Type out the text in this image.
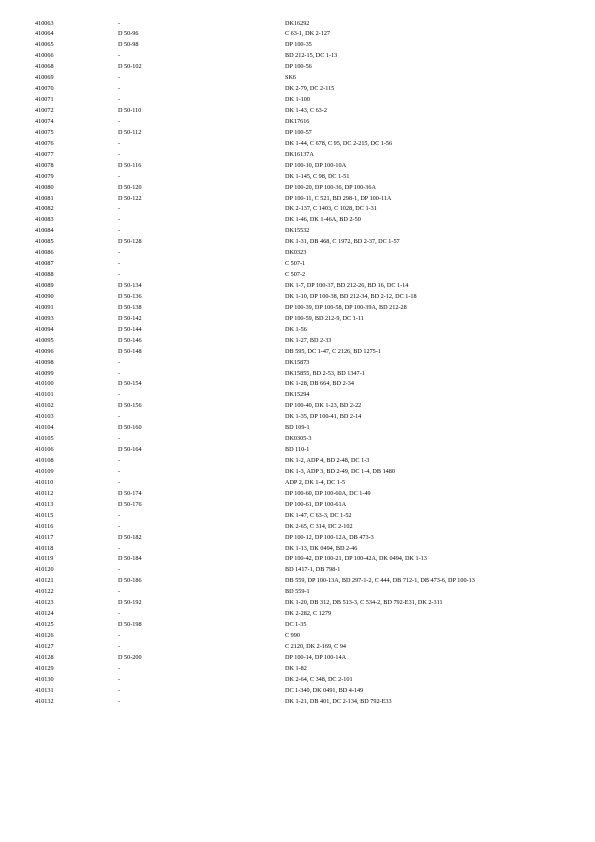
410063	-	DK16292
410064	D 50-96	C 63-1, DK 2-127
410065	D 50-98	DP 100-35
410066	-	BD 212-15, DC 1-13
410068	D 50-102	DP 100-56
410069	-	SK6
410070	-	DK 2-79, DC 2-115
410071	-	DK 1-100
410072	D 50-110	DK 1-43, C 63-2
410074	-	DK17616
410075	D 50-112	DP 100-57
410076	-	DK 1-44, C 678, C 95, DC 2-215, DC 1-56
410077	-	DK16137A
410078	D 50-116	DP 100-10, DP 100-10A
410079	-	DK 1-145, C 98, DC 1-51
410080	D 50-120	DP 100-20, DP 100-36, DP 100-36A
410081	D 50-122	DP 100-11, C 521, BD 298-1, DP 100-11A
410082	-	DK 2-137, C 1403, C 1028, DC 1-31
410083	-	DK 1-46, DK 1-46A, BD 2-50
410084	-	DK15532
410085	D 50-128	DK 1-31, DB 468, C 1972, BD 2-37, DC 1-57
410086	-	DK0323
410087	-	C 507-1
410088	-	C 507-2
410089	D 50-134	DK 1-7, DP 100-37, BD 212-26, BD 16, DC 1-14
410090	D 50-136	DK 1-10, DP 100-38, BD 212-34, BD 2-12, DC 1-18
410091	D 50-138	DP 100-39, DP 100-58, DP 100-39A, BD 212-28
410093	D 50-142	DP 100-59, BD 212-9, DC 1-11
410094	D 50-144	DK 1-56
410095	D 50-146	DK 1-27, BD 2-33
410096	D 50-148	DB 595, DC 1-47, C 2126, BD 1275-1
410098	-	DK15873
410099	-	DK15855, BD 2-53, BD 1347-1
410100	D 50-154	DK 1-28, DB 664, BD 2-34
410101	-	DK15294
410102	D 50-156	DP 100-40, DK 1-23, BD 2-22
410103	-	DK 1-35, DP 100-41, BD 2-14
410104	D 50-160	BD 109-1
410105	-	DK0305-3
410106	D 50-164	BD 110-1
410108	-	DK 1-2, ADP 4, BD 2-48, DC 1-3
410109	-	DK 1-3, ADP 3, BD 2-49, DC 1-4, DB 1480
410110	-	ADP 2, DK 1-4, DC 1-5
410112	D 50-174	DP 100-60, DP 100-60A, DC 1-49
410113	D 50-176	DP 100-61, DP 100-61A
410115	-	DK 1-47, C 63-3, DC 1-52
410116	-	DK 2-65, C 314, DC 2-102
410117	D 50-182	DP 100-12, DP 100-12A, DB 473-3
410118	-	DK 1-13, DK 0494, BD 2-46
410119	D 50-184	DP 100-42, DP 100-21, DP 100-42A, DK 0494, DK 1-13
410120	-	BD 1417-1, DB 798-1
410121	D 50-186	DB 559, DP 100-13A, BD 297-1-2, C 444, DB 712-1, DB 473-6, DP 100-13
410122	-	BD 559-1
410123	D 50-192	DK 1-20, DB 312, DB 513-3, C 534-2, BD 792-E31, DK 2-311
410124	-	DK 2-282, C 1279
410125	D 50-198	DC 1-35
410126	-	C 990
410127	-	C 2120, DK 2-169, C 94
410128	D 50-200	DP 100-14, DP 100-14A
410129	-	DK 1-82
410130	-	DK 2-64, C 348, DC 2-101
410131	-	DC 1-340, DK 0491, BD 4-149
410132	-	DK 1-21, DB 401, DC 2-134, BD 792-E33
